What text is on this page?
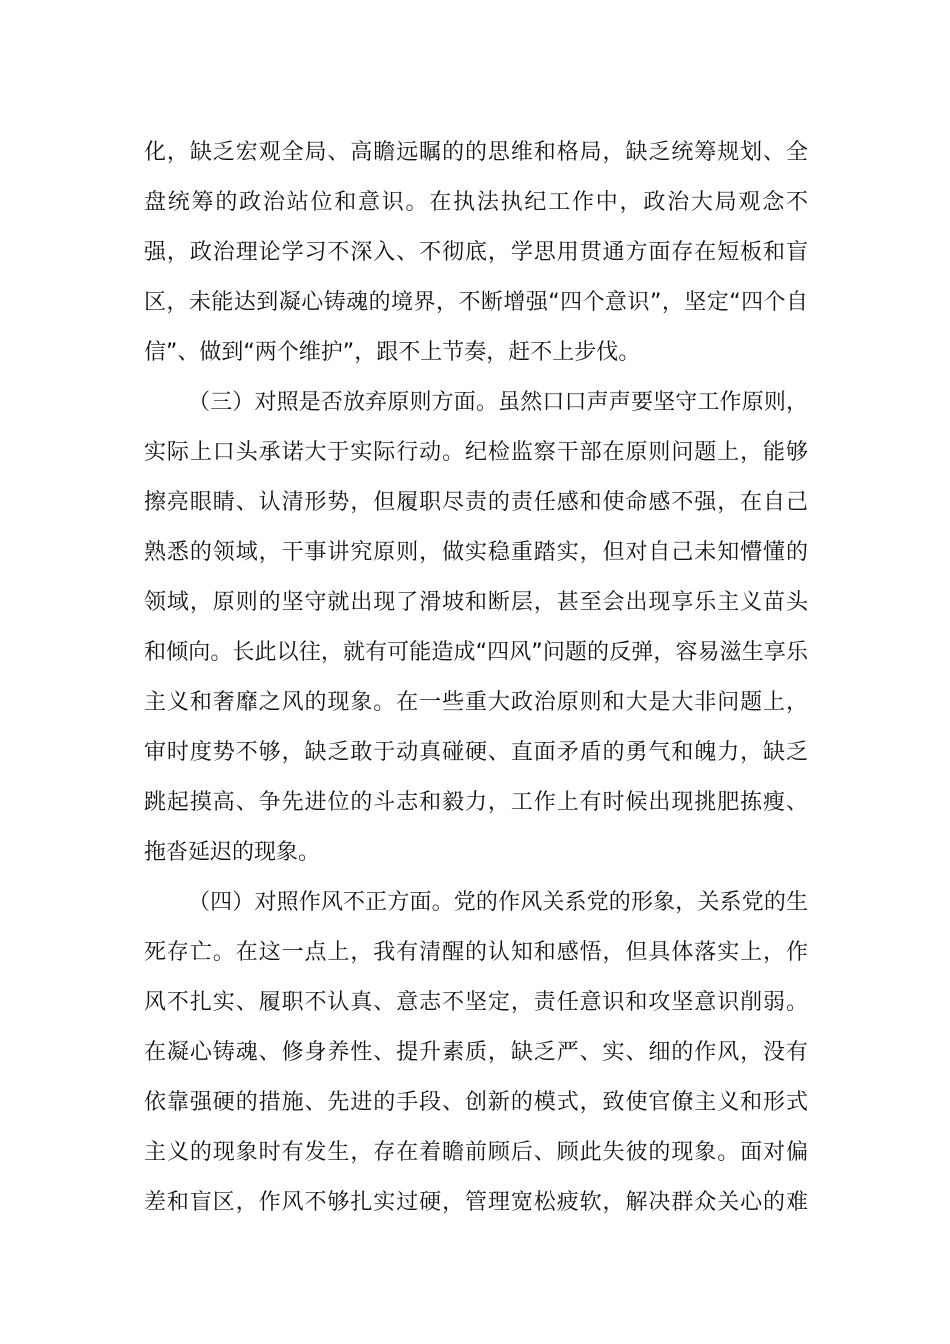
化，缺乏宏观全局、高瞻远瞩的的思维和格局，缺乏统筹规划、全
盘统筹的政治站位和意识。在执法执纪工作中，政治大局观念不
强，政治理论学习不深入、不彻底，学思用贯通方面存在短板和盲
区，未能达到凝心铸魂的境界，不断增强“四个意识”，坚定“四个自
信”、做到“两个维护”，跟不上节奏，赶不上步伐。
（三）对照是否放弃原则方面。虽然口口声声要坚守工作原则，
实际上口头承诺大于实际行动。纪检监察干部在原则问题上，能够
擦亮眼睛、认清形势，但履职尽责的责任感和使命感不强，在自己
熟悉的领域，干事讲究原则，做实稳重踏实，但对自己未知懵懂的
领域，原则的坚守就出现了滑坡和断层，甚至会出现享乐主义苗头
和倾向。长此以往，就有可能造成“四风”问题的反弹，容易滋生享乐
主义和奢靡之风的现象。在一些重大政治原则和大是大非问题上，
审时度势不够，缺乏敢于动真碰硬、直面矛盾的勇气和魄力，缺乏
跳起摸高、争先进位的斗志和毅力，工作上有时候出现挑肥拣瘦、
拖沓延迟的现象。
（四）对照作风不正方面。党的作风关系党的形象，关系党的生
死存亡。在这一点上，我有清醒的认知和感悟，但具体落实上，作
风不扎实、履职不认真、意志不坚定，责任意识和攻坚意识削弱。
在凝心铸魂、修身养性、提升素质，缺乏严、实、细的作风，没有
依靠强硬的措施、先进的手段、创新的模式，致使官僚主义和形式
主义的现象时有发生，存在着瞻前顾后、顾此失彼的现象。面对偏
差和盲区，作风不够扎实过硬，管理宽松疲软，解决群众关心的难
